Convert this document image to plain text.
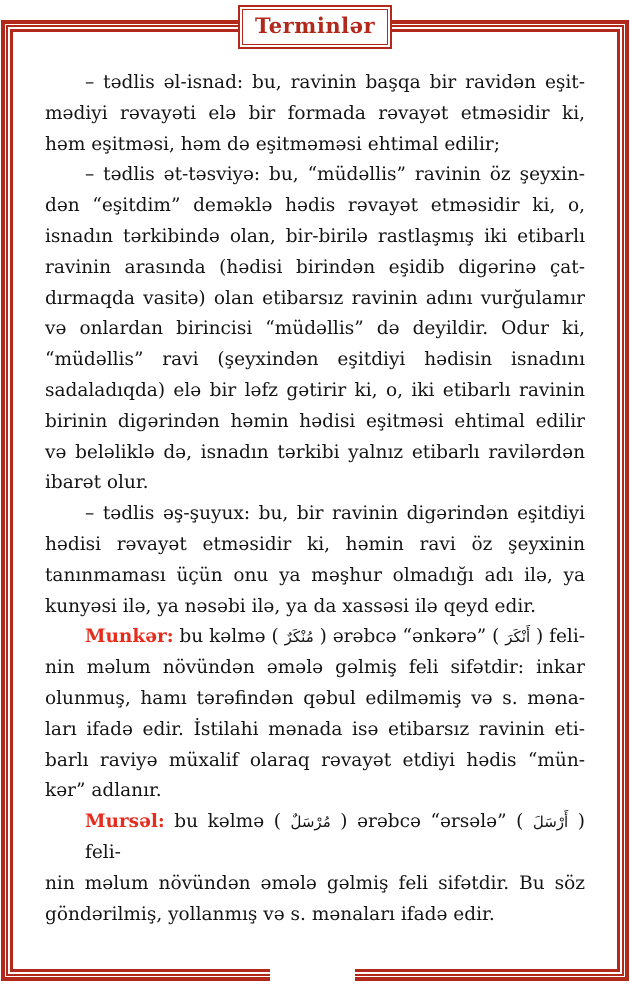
Terminlər
– tədlis əl-isnad: bu, ravinin başqa bir ravidən eşit-
mədiyi rəvayəti elə bir formada rəvayət etməsidir ki,
həm eşitməsi, həm də eşitməməsi ehtimal edilir;
– tədlis ət-təsviyə: bu, “müdəllis” ravinin öz şeyxin-
dən “eşitdim” deməklə hədis rəvayət etməsidir ki, o,
isnadın tərkibində olan, bir-birilə rastlaşmış iki etibarlı
ravinin arasında (hədisi birindən eşidib digərinə çat-
dırmaqda vasitə) olan etibarsız ravinin adını vurğulamır
və onlardan birincisi “müdəllis” də deyildir. Odur ki,
“müdəllis” ravi (şeyxindən eşitdiyi hədisin isnadını
sadaladıqda) elə bir ləfz gətirir ki, o, iki etibarlı ravinin
birinin digərindən həmin hədisi eşitməsi ehtimal edilir
və beləliklə də, isnadın tərkibi yalnız etibarlı ravilərdən
ibarət olur.
– tədlis əş-şuyux: bu, bir ravinin digərindən eşitdiyi
hədisi rəvayət etməsidir ki, həmin ravi öz şeyxinin
tanınmaması üçün onu ya məşhur olmadığı adı ilə, ya
kunyəsi ilə, ya nəsəbi ilə, ya da xassəsi ilə qeyd edir.
Munkər: bu kəlmə ( مُنْكَرٌ ) ərəbcə “ənkərə” ( أَنْكَرَ ) feli-
nin məlum növündən əmələ gəlmiş feli sifətdir: inkar
olunmuş, hamı tərəfindən qəbul edilməmiş və s. məna-
ları ifadə edir. İstilahi mənada isə etibarsız ravinin eti-
barlı raviyə müxalif olaraq rəvayət etdiyi hədis “mün-
kər” adlanır.
Mursəl: bu kəlmə ( مُرْسَلٌ ) ərəbcə “ərsələ” ( أَرْسَلَ ) feli-
nin məlum növündən əmələ gəlmiş feli sifətdir. Bu söz
göndərilmiş, yollanmış və s. mənaları ifadə edir.
